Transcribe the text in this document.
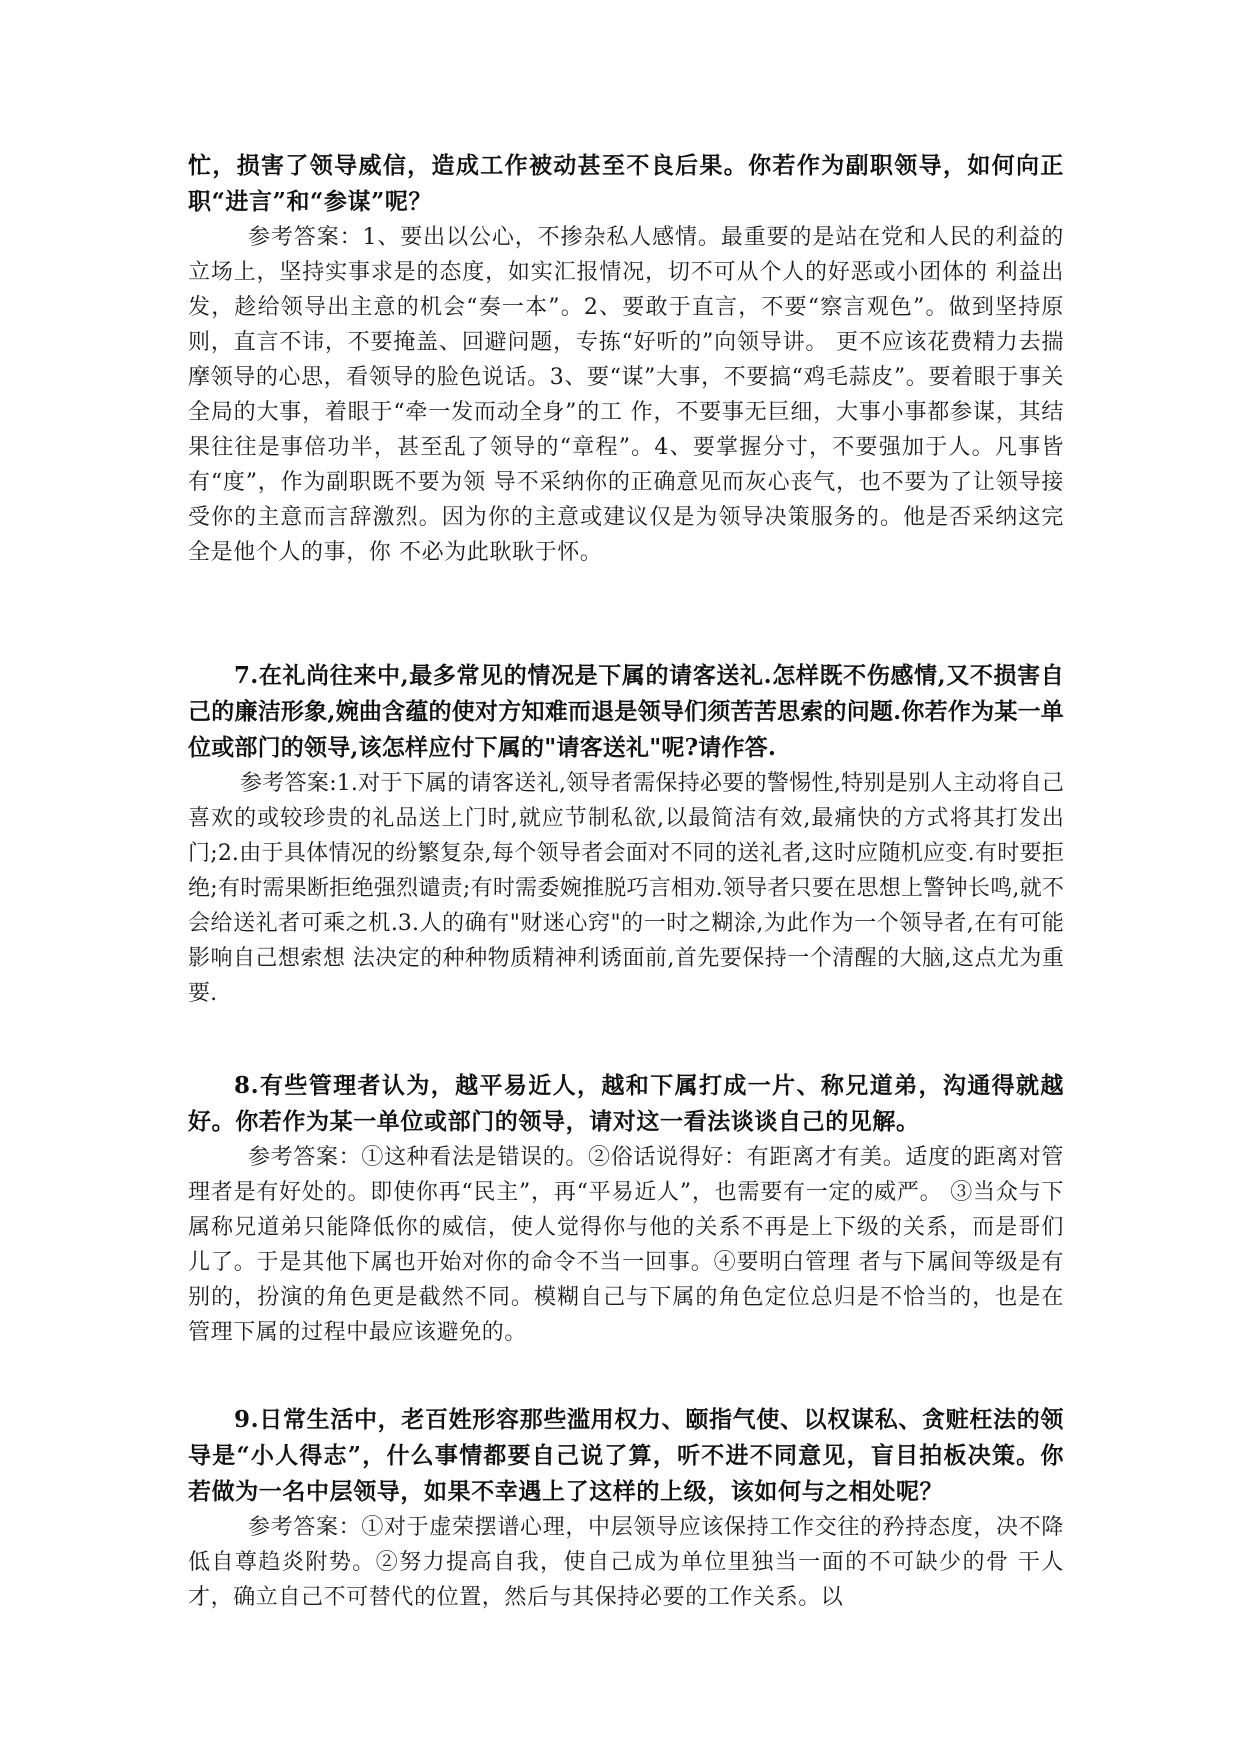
忙，损害了领导威信，造成工作被动甚至不良后果。你若作为副职领导，如何向正职“进言”和“参谋”呢？

参考答案：1、要出以公心，不掺杂私人感情。最重要的是站在党和人民的利益的立场上，坚持实事求是的态度，如实汇报情况，切不可从个人的好恶或小团体的 利益出发，趁给领导出主意的机会“奏一本”。2、要敢于直言，不要“察言观色”。做到坚持原则，直言不讳，不要掩盖、回避问题，专拣“好听的”向领导讲。 更不应该花费精力去揣摩领导的心思，看领导的脸色说话。3、要“谋”大事，不要搞“鸡毛蒜皮”。要着眼于事关全局的大事，着眼于“牵一发而动全身”的工 作，不要事无巨细，大事小事都参谋，其结果往往是事倍功半，甚至乱了领导的“章程”。4、要掌握分寸，不要强加于人。凡事皆有“度”，作为副职既不要为领 导不采纳你的正确意见而灰心丧气，也不要为了让领导接受你的主意而言辞激烈。因为你的主意或建议仅是为领导决策服务的。他是否采纳这完全是他个人的事，你 不必为此耿耿于怀。

7.在礼尚往来中,最多常见的情况是下属的请客送礼.怎样既不伤感情,又不损害自己的廉洁形象,婉曲含蕴的使对方知难而退是领导们须苦苦思索的问题.你若作为某一单位或部门的领导,该怎样应付下属的"请客送礼"呢?请作答.

参考答案:1.对于下属的请客送礼,领导者需保持必要的警惕性,特别是别人主动将自己喜欢的或较珍贵的礼品送上门时,就应节制私欲,以最简洁有效,最痛快的方式将其打发出门;2.由于具体情况的纷繁复杂,每个领导者会面对不同的送礼者,这时应随机应变.有时要拒绝;有时需果断拒绝强烈谴责;有时需委婉推脱巧言相劝.领导者只要在思想上警钟长鸣,就不会给送礼者可乘之机.3.人的确有"财迷心窍"的一时之糊涂,为此作为一个领导者,在有可能影响自己想索想 法决定的种种物质精神利诱面前,首先要保持一个清醒的大脑,这点尤为重要.

8.有些管理者认为，越平易近人，越和下属打成一片、称兄道弟，沟通得就越好。你若作为某一单位或部门的领导，请对这一看法谈谈自己的见解。

参考答案：①这种看法是错误的。②俗话说得好：有距离才有美。适度的距离对管理者是有好处的。即使你再“民主”，再“平易近人”，也需要有一定的威严。 ③当众与下属称兄道弟只能降低你的威信，使人觉得你与他的关系不再是上下级的关系，而是哥们儿了。于是其他下属也开始对你的命令不当一回事。④要明白管理 者与下属间等级是有别的，扮演的角色更是截然不同。模糊自己与下属的角色定位总归是不恰当的，也是在管理下属的过程中最应该避免的。

9.日常生活中，老百姓形容那些滥用权力、颐指气使、以权谋私、贪赃枉法的领导是“小人得志”，什么事情都要自己说了算，听不进不同意见，盲目拍板决策。你若做为一名中层领导，如果不幸遇上了这样的上级，该如何与之相处呢？

参考答案：①对于虚荣摆谱心理，中层领导应该保持工作交往的矜持态度，决不降低自尊趋炎附势。②努力提高自我，使自己成为单位里独当一面的不可缺少的骨 干人才，确立自己不可替代的位置，然后与其保持必要的工作关系。以
